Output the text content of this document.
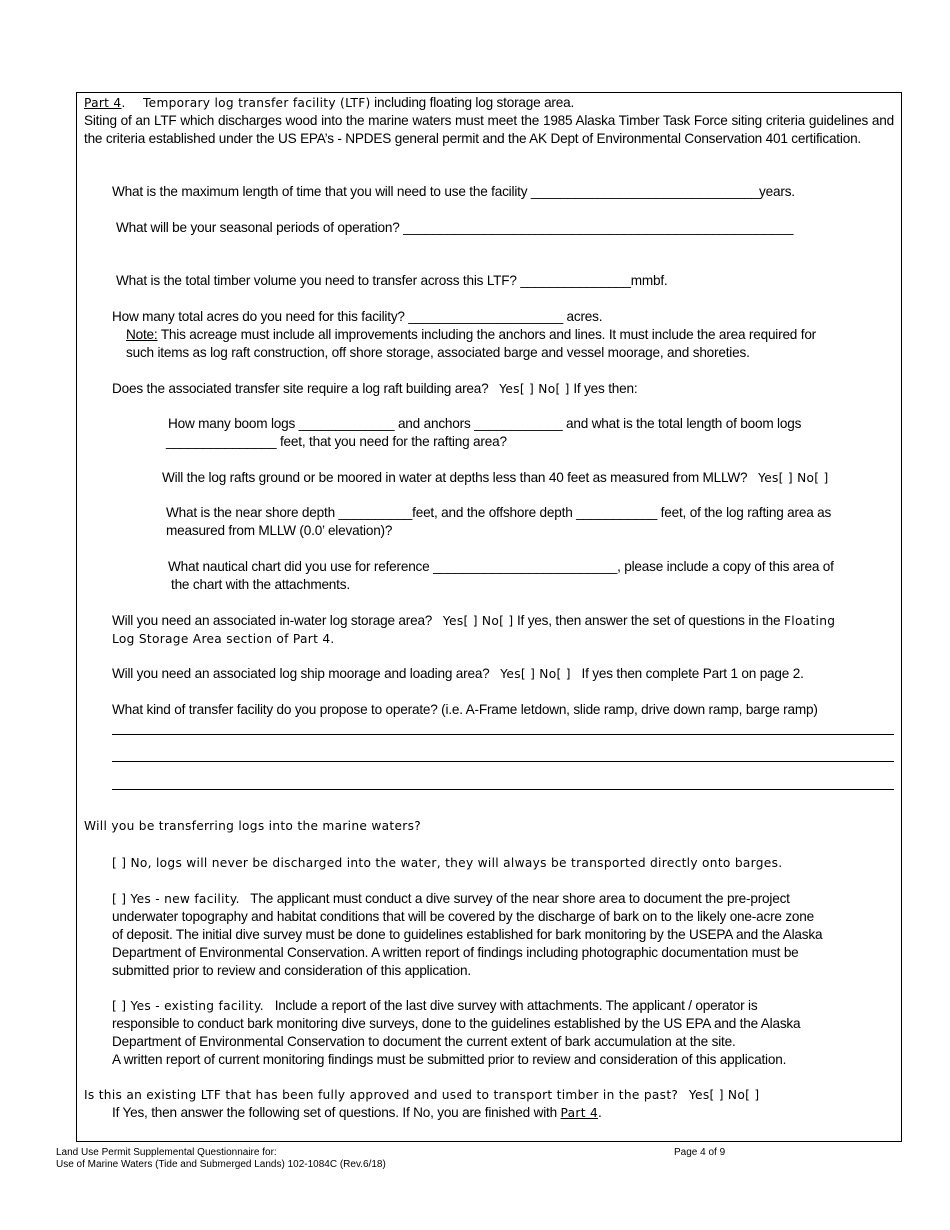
Part 4.     Temporary log transfer facility (LTF) including floating log storage area.
Siting of an LTF which discharges wood into the marine waters must meet the 1985 Alaska Timber Task Force siting criteria guidelines and the criteria established under the US EPA’s - NPDES general permit and the AK Dept of Environmental Conservation 401 certification.
What is the maximum length of time that you will need to use the facility _______________________________years.
What will be your seasonal periods of operation? _____________________________________________________
What is the total timber volume you need to transfer across this LTF? _______________mmbf.
How many total acres do you need for this facility? _____________________ acres.
Note: This acreage must include all improvements including the anchors and lines. It must include the area required for
such items as log raft construction, off shore storage, associated barge and vessel moorage, and shoreties.
Does the associated transfer site require a log raft building area? Yes[ ] No[ ] If yes then:
How many boom logs _____________ and anchors ____________ and what is the total length of boom logs
_______________ feet, that you need for the rafting area?
Will the log rafts ground or be moored in water at depths less than 40 feet as measured from MLLW? Yes[ ] No[ ]
What is the near shore depth __________feet, and the offshore depth ___________ feet, of the log rafting area as
measured from MLLW (0.0’ elevation)?
What nautical chart did you use for reference _________________________, please include a copy of this area of
the chart with the attachments.
Will you need an associated in-water log storage area? Yes[ ] No[ ] If yes, then answer the set of questions in the Floating
Log Storage Area section of Part 4.
Will you need an associated log ship moorage and loading area? Yes[ ] No[ ] If yes then complete Part 1 on page 2.
What kind of transfer facility do you propose to operate? (i.e. A-Frame letdown, slide ramp, drive down ramp, barge ramp)
Will you be transferring logs into the marine waters?
[ ] No, logs will never be discharged into the water, they will always be transported directly onto barges.
[ ] Yes - new facility. The applicant must conduct a dive survey of the near shore area to document the pre-project
underwater topography and habitat conditions that will be covered by the discharge of bark on to the likely one-acre zone
of deposit. The initial dive survey must be done to guidelines established for bark monitoring by the USEPA and the Alaska
Department of Environmental Conservation. A written report of findings including photographic documentation must be
submitted prior to review and consideration of this application.
[ ] Yes - existing facility. Include a report of the last dive survey with attachments. The applicant / operator is
responsible to conduct bark monitoring dive surveys, done to the guidelines established by the US EPA and the Alaska
Department of Environmental Conservation to document the current extent of bark accumulation at the site.
A written report of current monitoring findings must be submitted prior to review and consideration of this application.
Is this an existing LTF that has been fully approved and used to transport timber in the past? Yes[ ] No[ ]
If Yes, then answer the following set of questions. If No, you are finished with Part 4.
Land Use Permit Supplemental Questionnaire for:
Use of Marine Waters (Tide and Submerged Lands) 102-1084C (Rev.6/18)
Page 4 of 9
